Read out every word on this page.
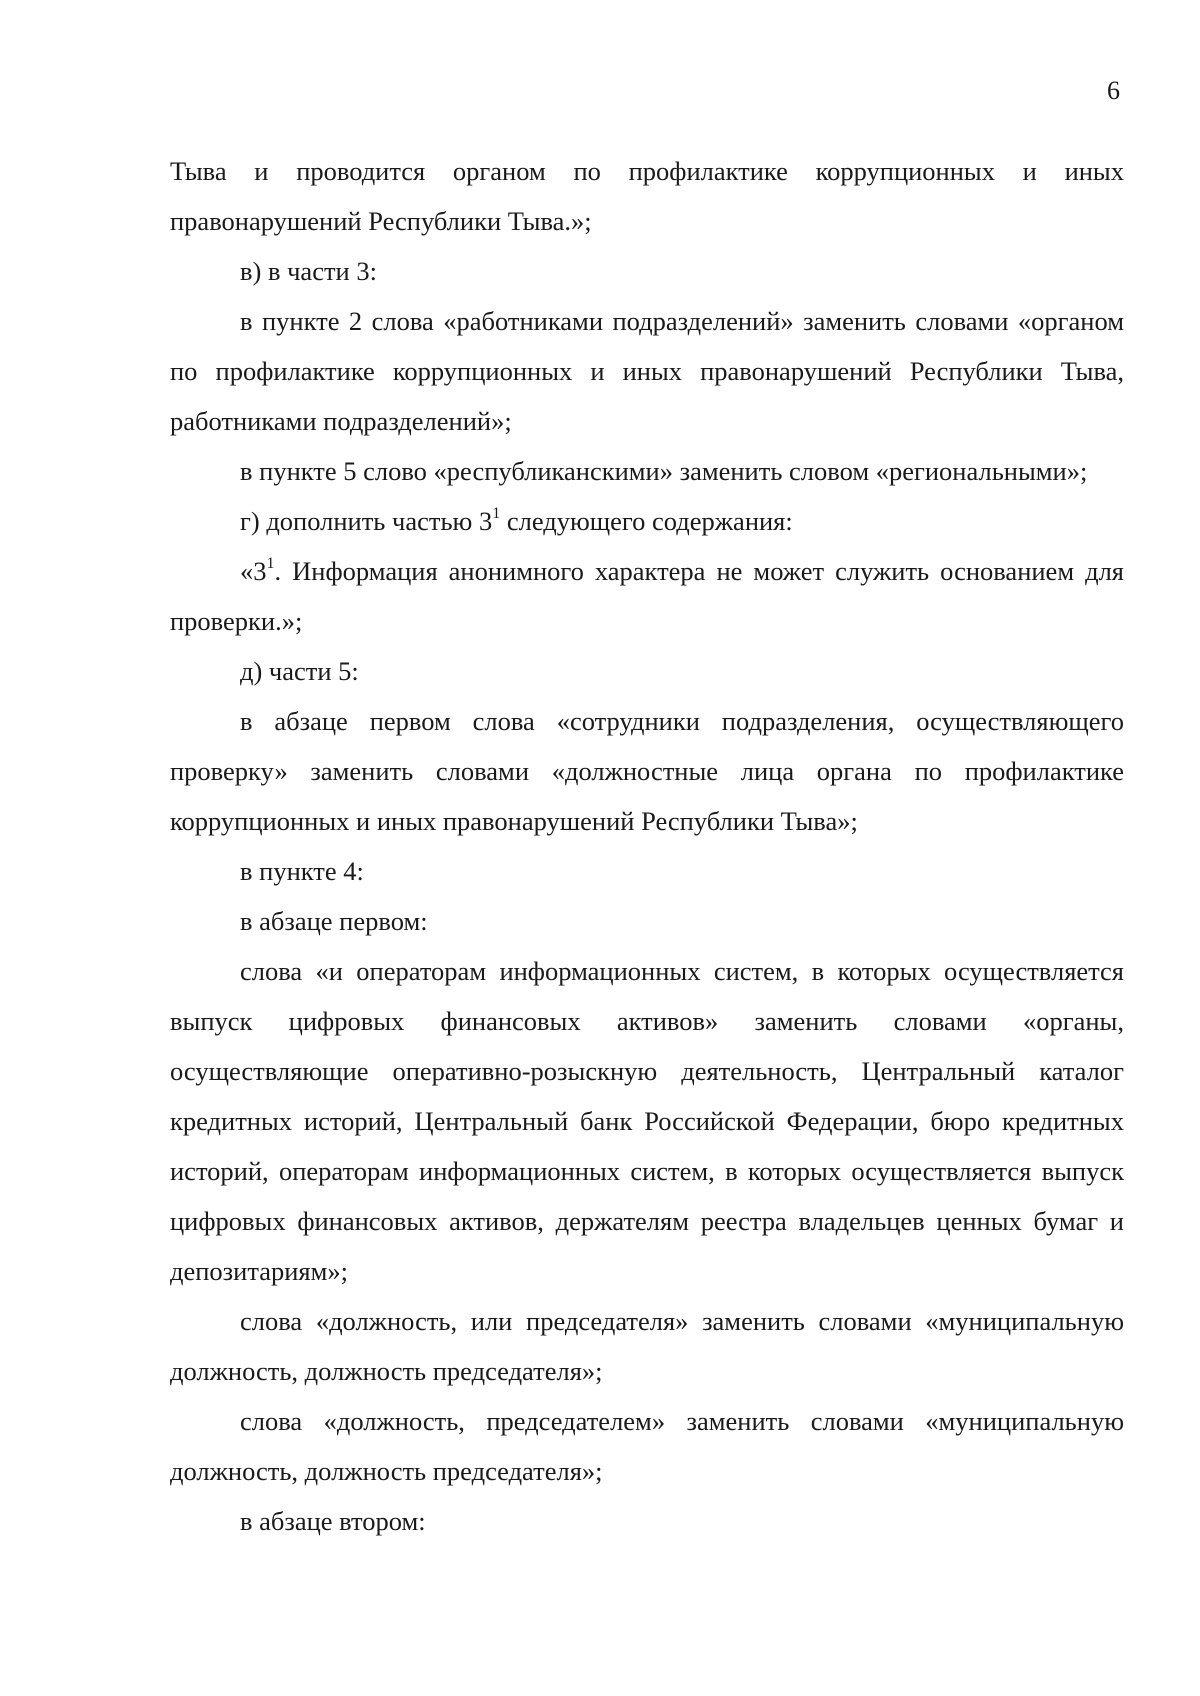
6

Тыва и проводится органом по профилактике коррупционных и иных правонарушений Республики Тыва.»;

в) в части 3:

в пункте 2 слова «работниками подразделений» заменить словами «органом по профилактике коррупционных и иных правонарушений Республики Тыва, работниками подразделений»;

в пункте 5 слово «республиканскими» заменить словом «региональными»;

г) дополнить частью $3^1$ следующего содержания:

«$3^1$. Информация анонимного характера не может служить основанием для проверки.»;

д) части 5:

в абзаце первом слова «сотрудники подразделения, осуществляющего проверку» заменить словами «должностные лица органа по профилактике коррупционных и иных правонарушений Республики Тыва»;

в пункте 4:

в абзаце первом:

слова «и операторам информационных систем, в которых осуществляется выпуск цифровых финансовых активов» заменить словами «органы, осуществляющие оперативно-розыскную деятельность, Центральный каталог кредитных историй, Центральный банк Российской Федерации, бюро кредитных историй, операторам информационных систем, в которых осуществляется выпуск цифровых финансовых активов, держателям реестра владельцев ценных бумаг и депозитариям»;

слова «должность, или председателя» заменить словами «муниципальную должность, должность председателя»;

слова «должность, председателем» заменить словами «муниципальную должность, должность председателя»;

в абзаце втором:
